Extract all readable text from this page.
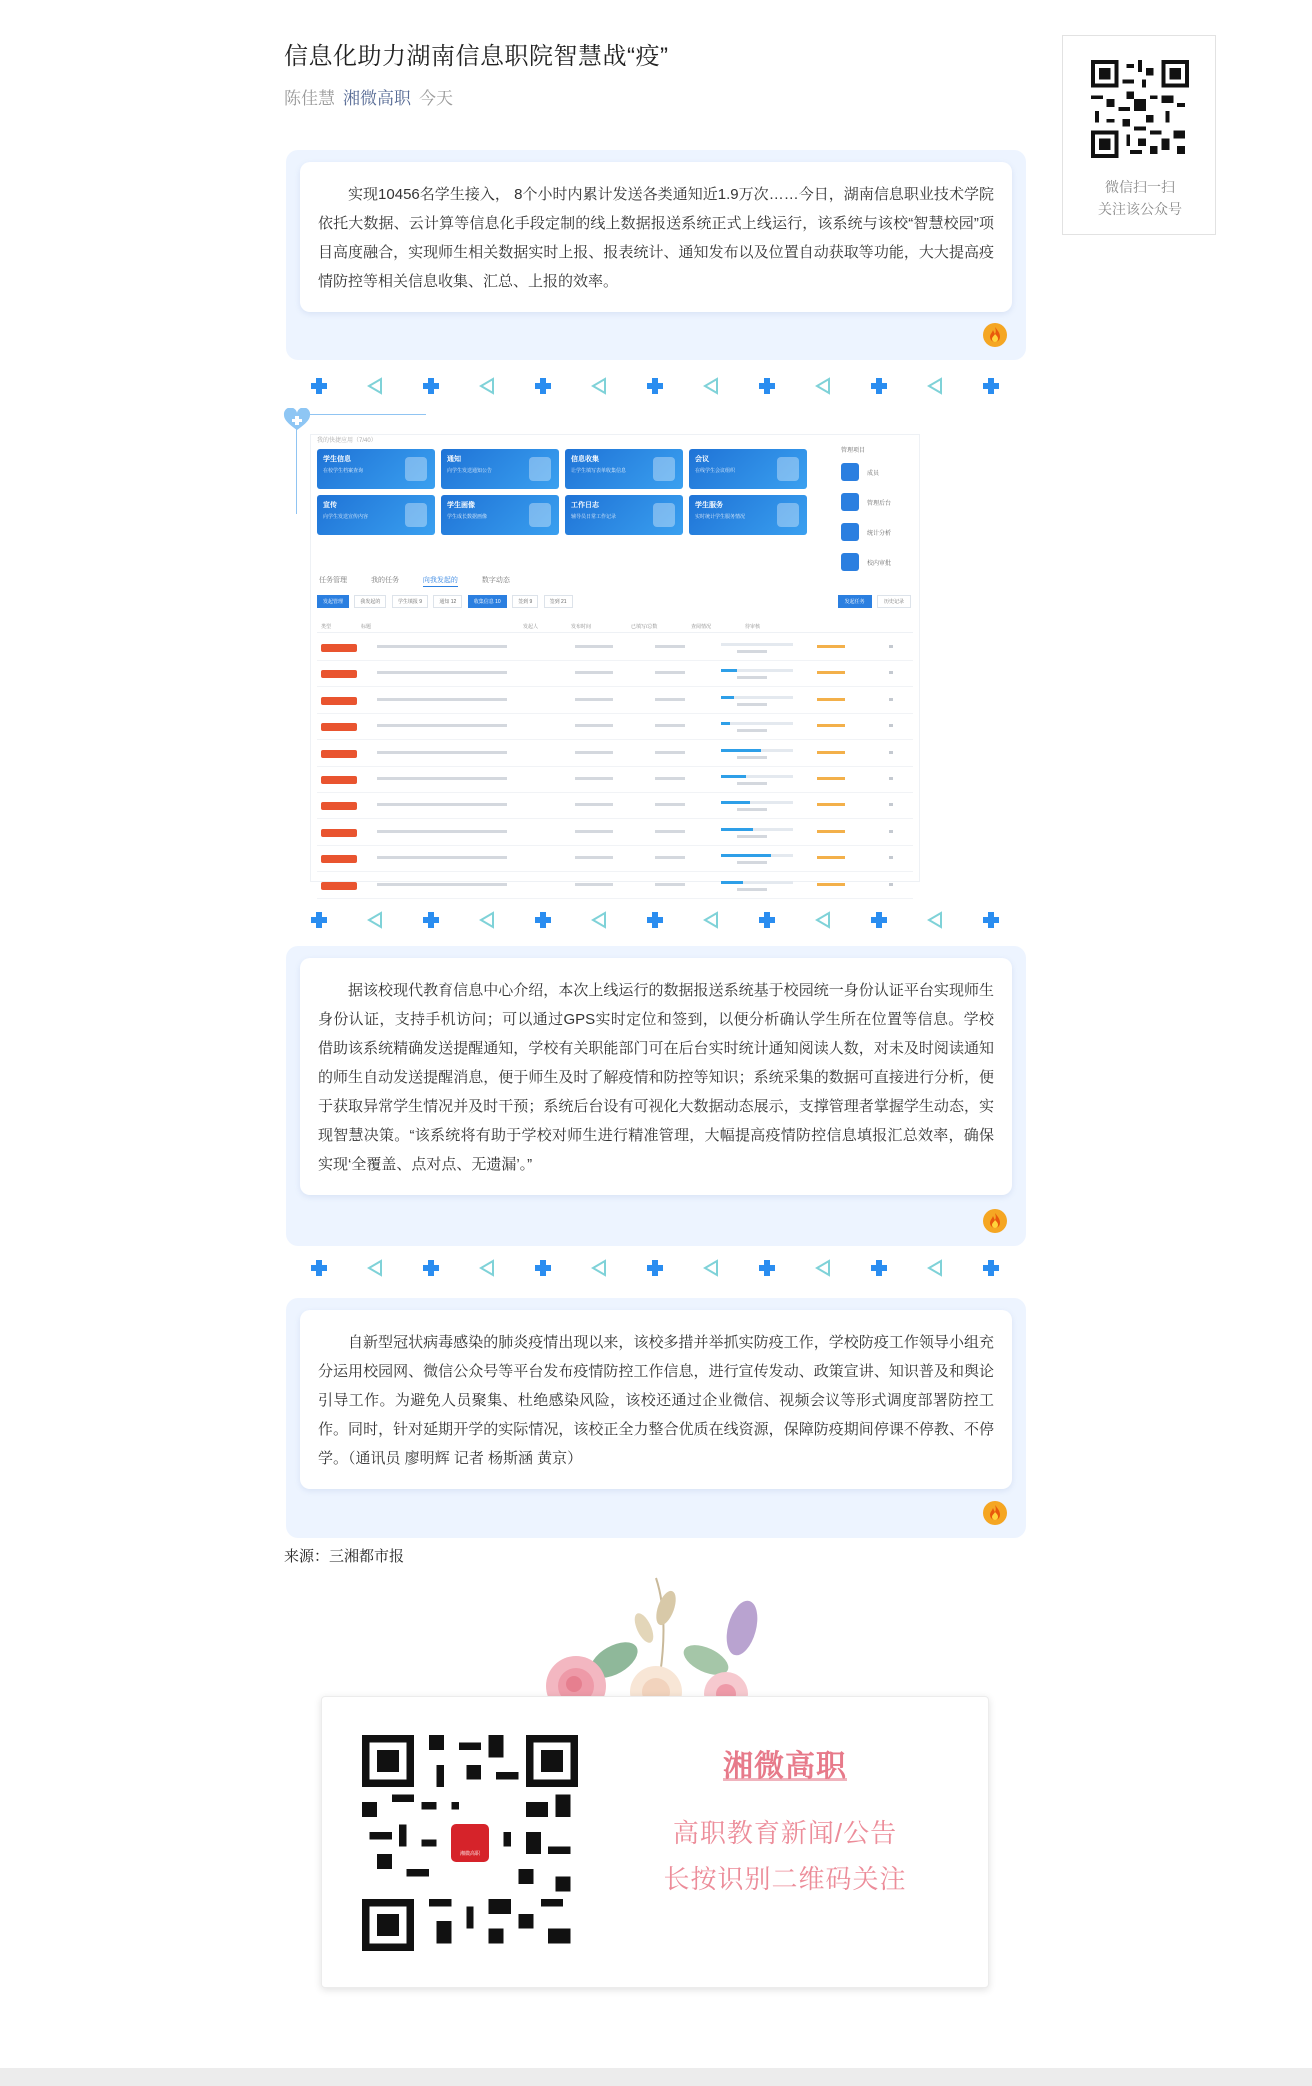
信息化助力湖南信息职院智慧战“疫”
陈佳慧 湘微高职 今天
微信扫一扫
关注该公众号
实现10456名学生接入， 8个小时内累计发送各类通知近1.9万次……今日，湖南信息职业技术学院依托大数据、云计算等信息化手段定制的线上数据报送系统正式上线运行，该系统与该校“智慧校园”项目高度融合，实现师生相关数据实时上报、报表统计、通知发布以及位置自动获取等功能，大大提高疫情防控等相关信息收集、汇总、上报的效率。
我的快捷应用（7/40）
学生信息
在校学生档案查询
通知
向学生发送通知公告
信息收集
让学生填写表单收集信息
会议
在线学生会议组织
宣传
向学生发送宣传内容
学生画像
学生成长数据画像
工作日志
辅导员日常工作记录
学生服务
实时统计学生服务情况
管理项目
成员
管理后台
统计分析
校内审批
任务管理	我的任务	向我发起的	数字动态
发起管理	我发起的	学生填报 9	通知 12	收集信息 10	签到 9	签到 21	发起任务	历史记录
类型	标题	发起人	发布时间	已填写/总数	查阅情况	待审核
据该校现代教育信息中心介绍，本次上线运行的数据报送系统基于校园统一身份认证平台实现师生身份认证，支持手机访问；可以通过GPS实时定位和签到，以便分析确认学生所在位置等信息。学校借助该系统精确发送提醒通知，学校有关职能部门可在后台实时统计通知阅读人数，对未及时阅读通知的师生自动发送提醒消息，便于师生及时了解疫情和防控等知识；系统采集的数据可直接进行分析，便于获取异常学生情况并及时干预；系统后台设有可视化大数据动态展示，支撑管理者掌握学生动态，实现智慧决策。“该系统将有助于学校对师生进行精准管理，大幅提高疫情防控信息填报汇总效率，确保实现‘全覆盖、点对点、无遗漏’。”
自新型冠状病毒感染的肺炎疫情出现以来，该校多措并举抓实防疫工作，学校防疫工作领导小组充分运用校园网、微信公众号等平台发布疫情防控工作信息，进行宣传发动、政策宣讲、知识普及和舆论引导工作。为避免人员聚集、杜绝感染风险，该校还通过企业微信、视频会议等形式调度部署防控工作。同时，针对延期开学的实际情况，该校正全力整合优质在线资源，保障防疫期间停课不停教、不停学。（通讯员 廖明辉 记者 杨斯涵 黄京）
来源：三湘都市报
湘微高职
湘微高职
高职教育新闻/公告
长按识别二维码关注
